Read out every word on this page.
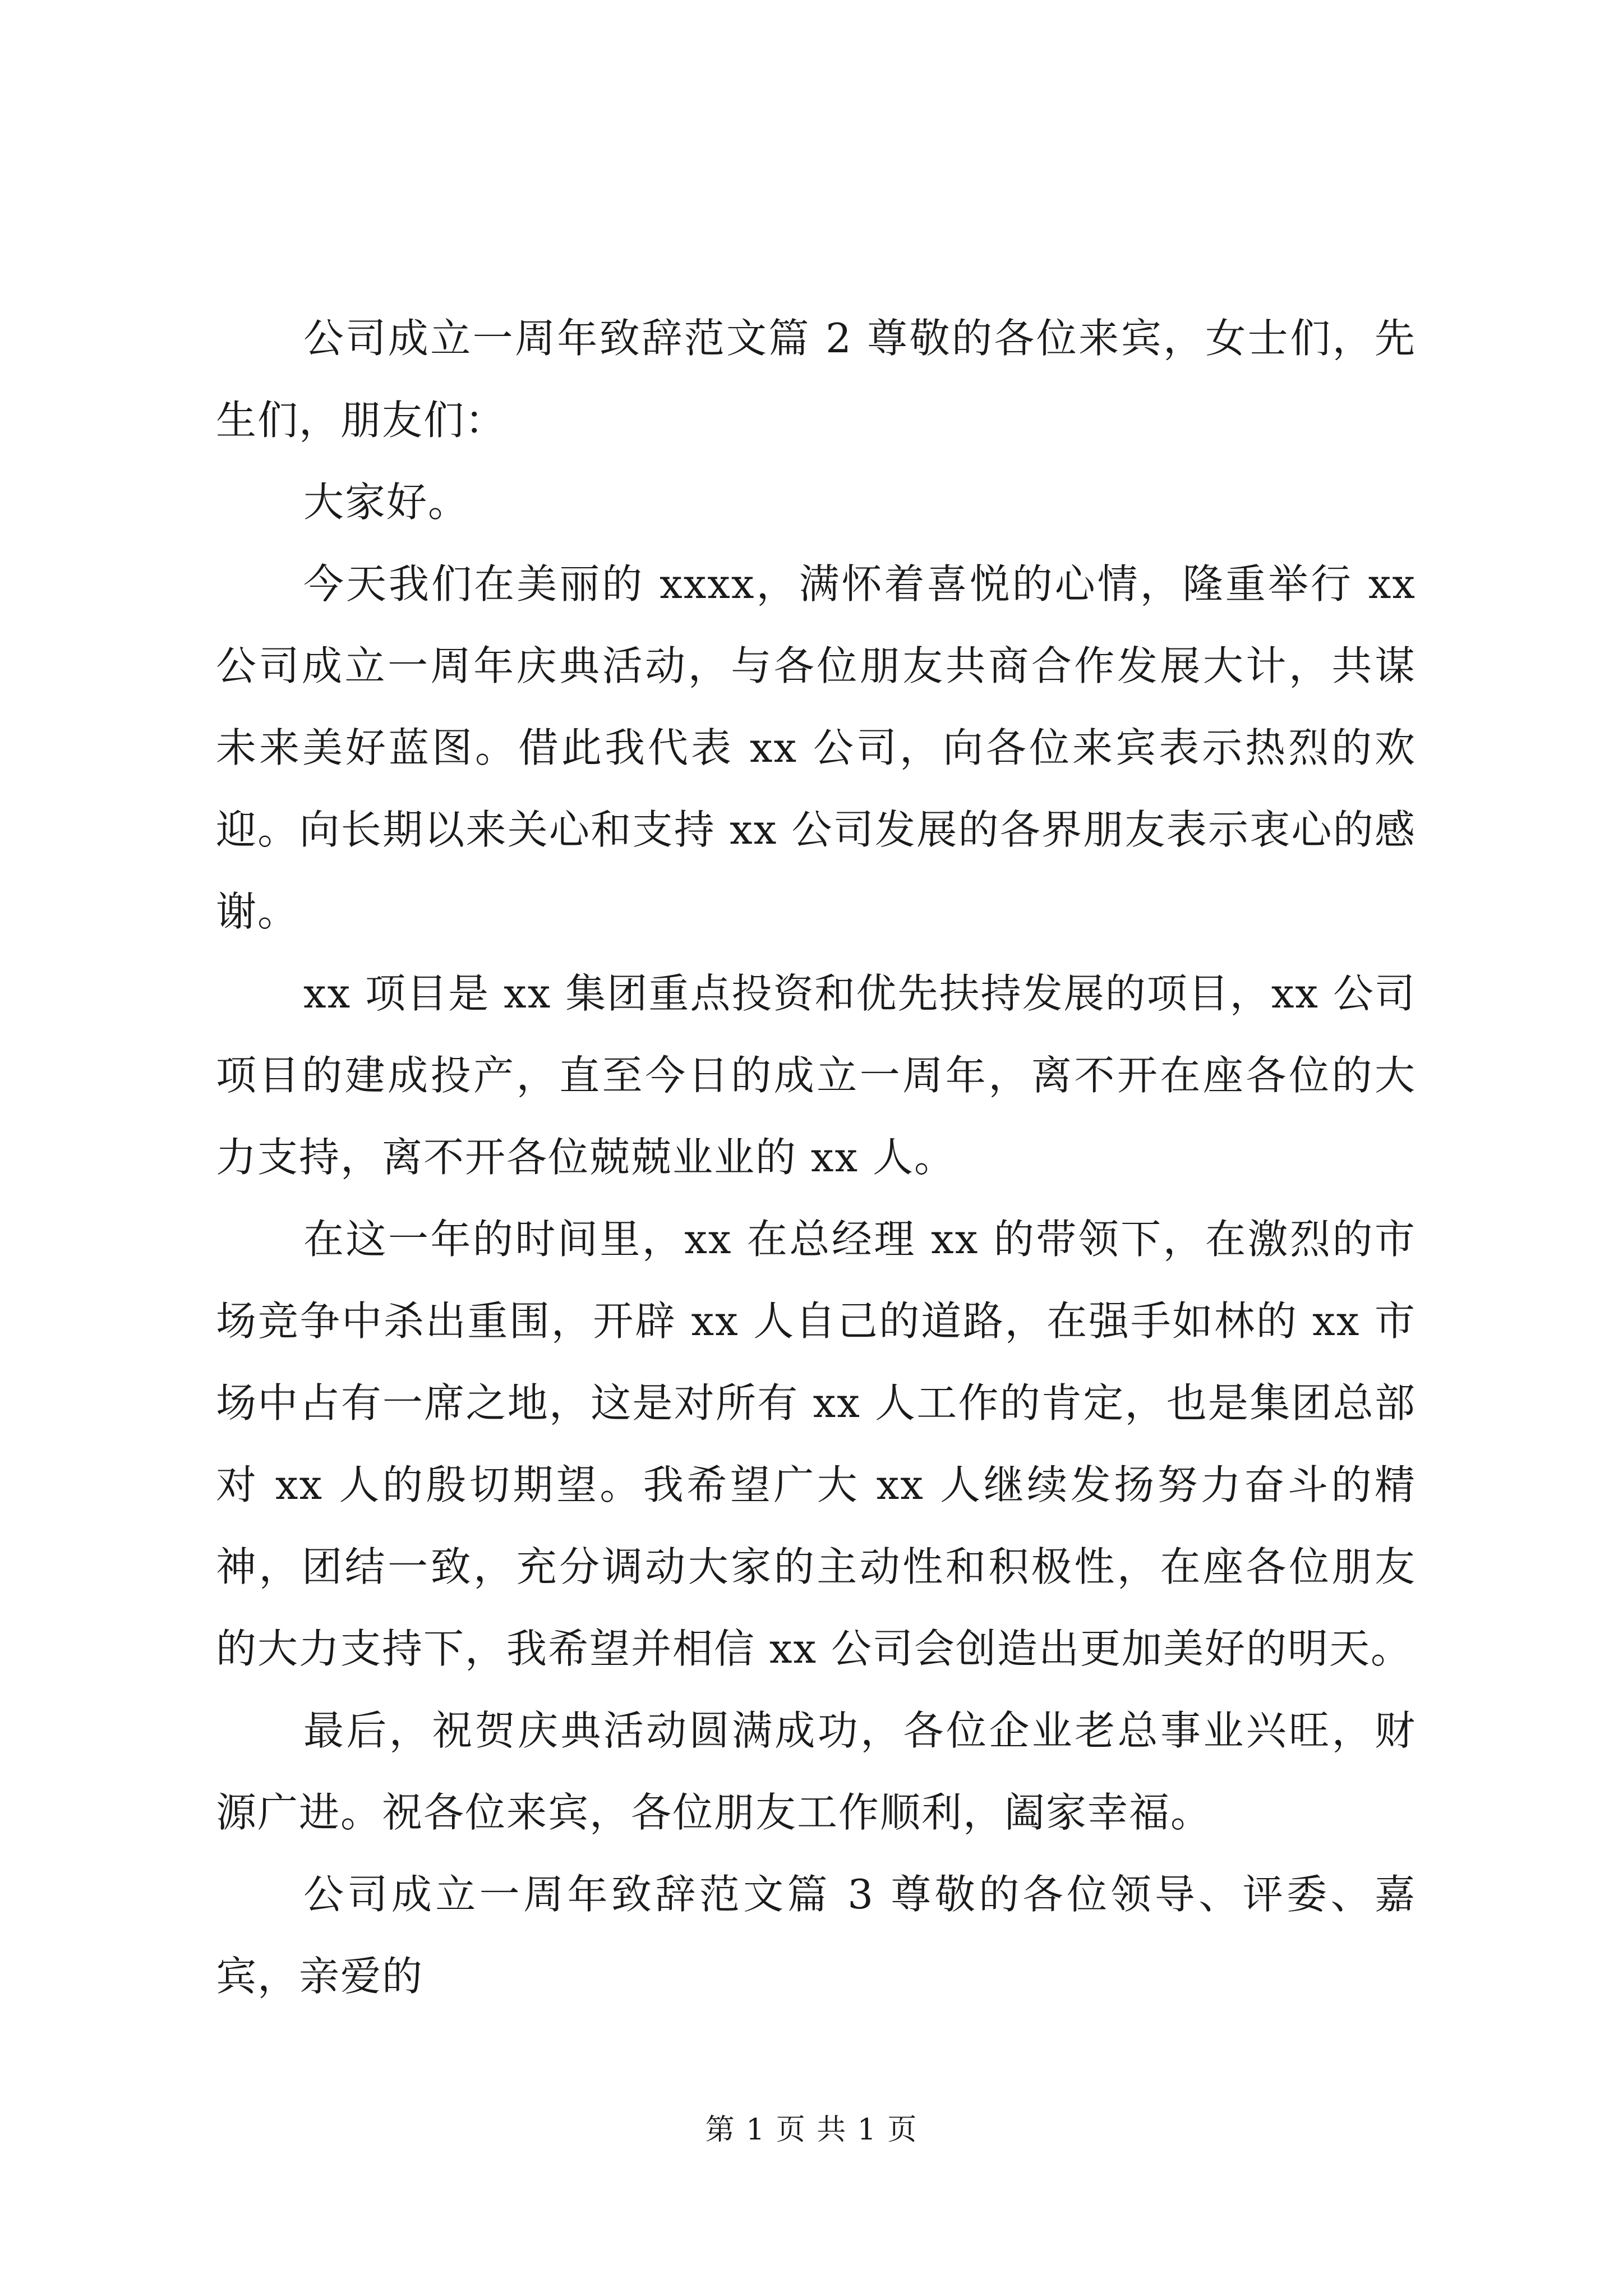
公司成立一周年致辞范文篇 2 尊敬的各位来宾，女士们，先生们，朋友们：

大家好。

今天我们在美丽的 xxxx，满怀着喜悦的心情，隆重举行 xx 公司成立一周年庆典活动，与各位朋友共商合作发展大计，共谋未来美好蓝图。借此我代表 xx 公司，向各位来宾表示热烈的欢迎。向长期以来关心和支持 xx 公司发展的各界朋友表示衷心的感谢。

xx 项目是 xx 集团重点投资和优先扶持发展的项目，xx 公司项目的建成投产，直至今日的成立一周年，离不开在座各位的大力支持，离不开各位兢兢业业的 xx 人。

在这一年的时间里，xx 在总经理 xx 的带领下，在激烈的市场竞争中杀出重围，开辟 xx 人自己的道路，在强手如林的 xx 市场中占有一席之地，这是对所有 xx 人工作的肯定，也是集团总部对 xx 人的殷切期望。我希望广大 xx 人继续发扬努力奋斗的精神，团结一致，充分调动大家的主动性和积极性，在座各位朋友的大力支持下，我希望并相信 xx 公司会创造出更加美好的明天。

最后，祝贺庆典活动圆满成功，各位企业老总事业兴旺，财源广进。祝各位来宾，各位朋友工作顺利，阖家幸福。

公司成立一周年致辞范文篇 3 尊敬的各位领导、评委、嘉宾，亲爱的

第 1 页 共 1 页
